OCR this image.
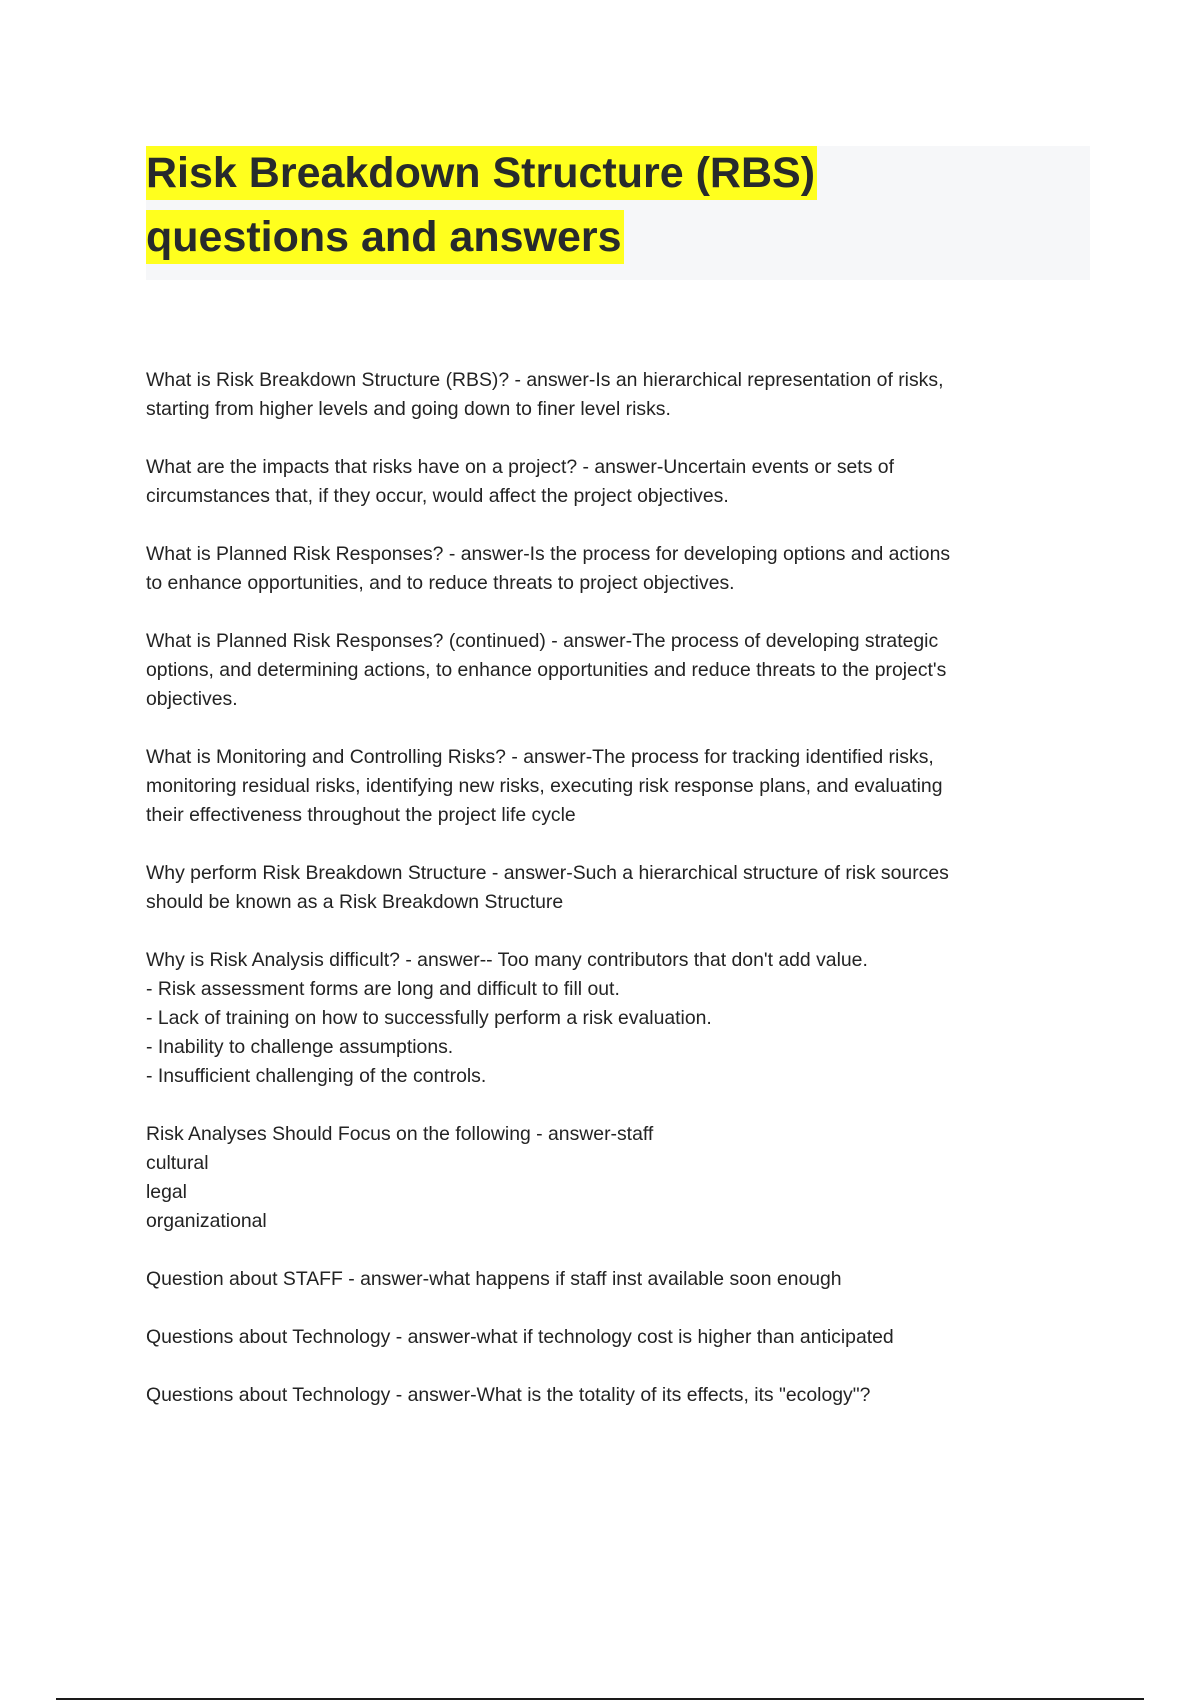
Risk Breakdown Structure (RBS)
questions and answers

What is Risk Breakdown Structure (RBS)? - answer-Is an hierarchical representation of risks,
starting from higher levels and going down to finer level risks.

What are the impacts that risks have on a project? - answer-Uncertain events or sets of
circumstances that, if they occur, would affect the project objectives.

What is Planned Risk Responses? - answer-Is the process for developing options and actions
to enhance opportunities, and to reduce threats to project objectives.

What is Planned Risk Responses? (continued) - answer-The process of developing strategic
options, and determining actions, to enhance opportunities and reduce threats to the project's
objectives.

What is Monitoring and Controlling Risks? - answer-The process for tracking identified risks,
monitoring residual risks, identifying new risks, executing risk response plans, and evaluating
their effectiveness throughout the project life cycle

Why perform Risk Breakdown Structure - answer-Such a hierarchical structure of risk sources
should be known as a Risk Breakdown Structure

Why is Risk Analysis difficult? - answer-- Too many contributors that don't add value.
- Risk assessment forms are long and difficult to fill out.
- Lack of training on how to successfully perform a risk evaluation.
- Inability to challenge assumptions.
- Insufficient challenging of the controls.

Risk Analyses Should Focus on the following - answer-staff
cultural
legal
organizational

Question about STAFF - answer-what happens if staff inst available soon enough

Questions about Technology - answer-what if technology cost is higher than anticipated

Questions about Technology - answer-What is the totality of its effects, its "ecology"?
